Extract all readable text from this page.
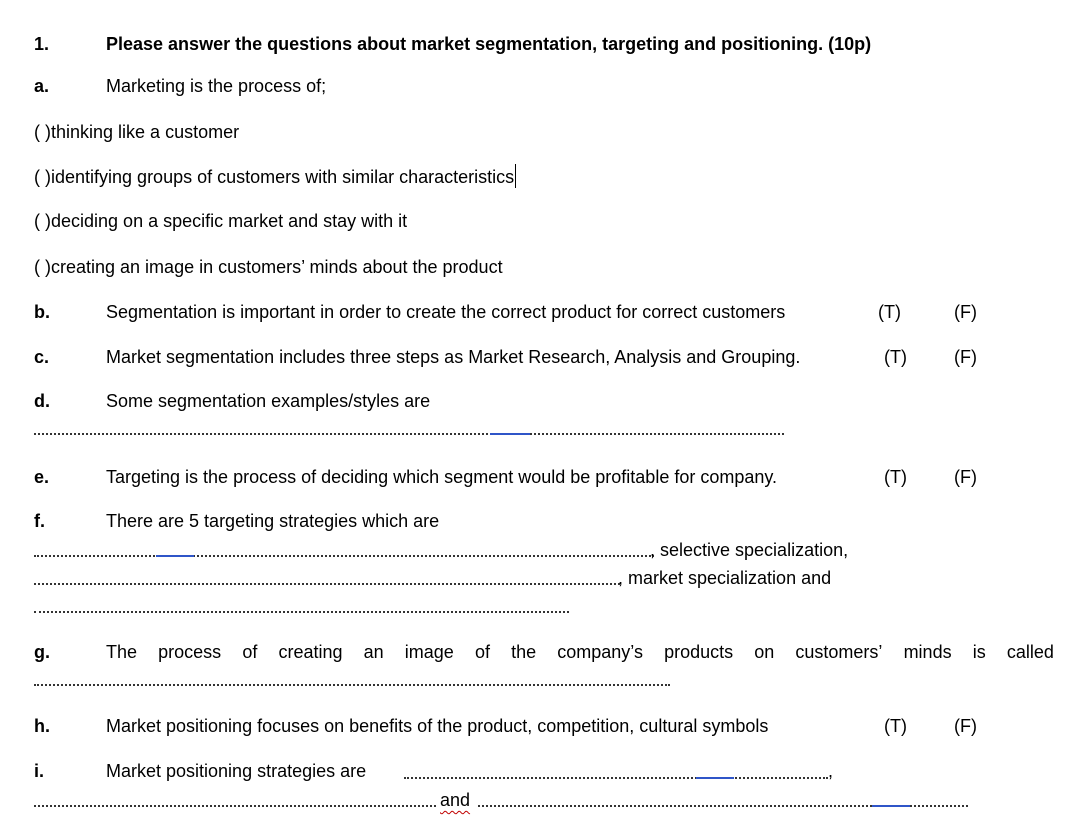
1.	Please answer the questions about market segmentation, targeting and positioning. (10p)
a.	Marketing is the process of;
( )thinking like a customer
( )identifying groups of customers with similar characteristics
( )deciding on a specific market and stay with it
( )creating an image in customers’ minds about the product
b.	Segmentation is important in order to create the correct product for correct customers	(T)	(F)
c.	Market segmentation includes three steps as Market Research, Analysis and Grouping.	(T)	(F)
d.	Some segmentation examples/styles are
e.	Targeting is the process of deciding which segment would be profitable for company.	(T)	(F)
f.	There are 5 targeting strategies which are
, selective specialization,
, market specialization and
g.	The process of creating an image of the company’s products on customers’ minds is called
h.	Market positioning focuses on benefits of the product, competition, cultural symbols	(T)	(F)
i.	Market positioning strategies are	,
and
